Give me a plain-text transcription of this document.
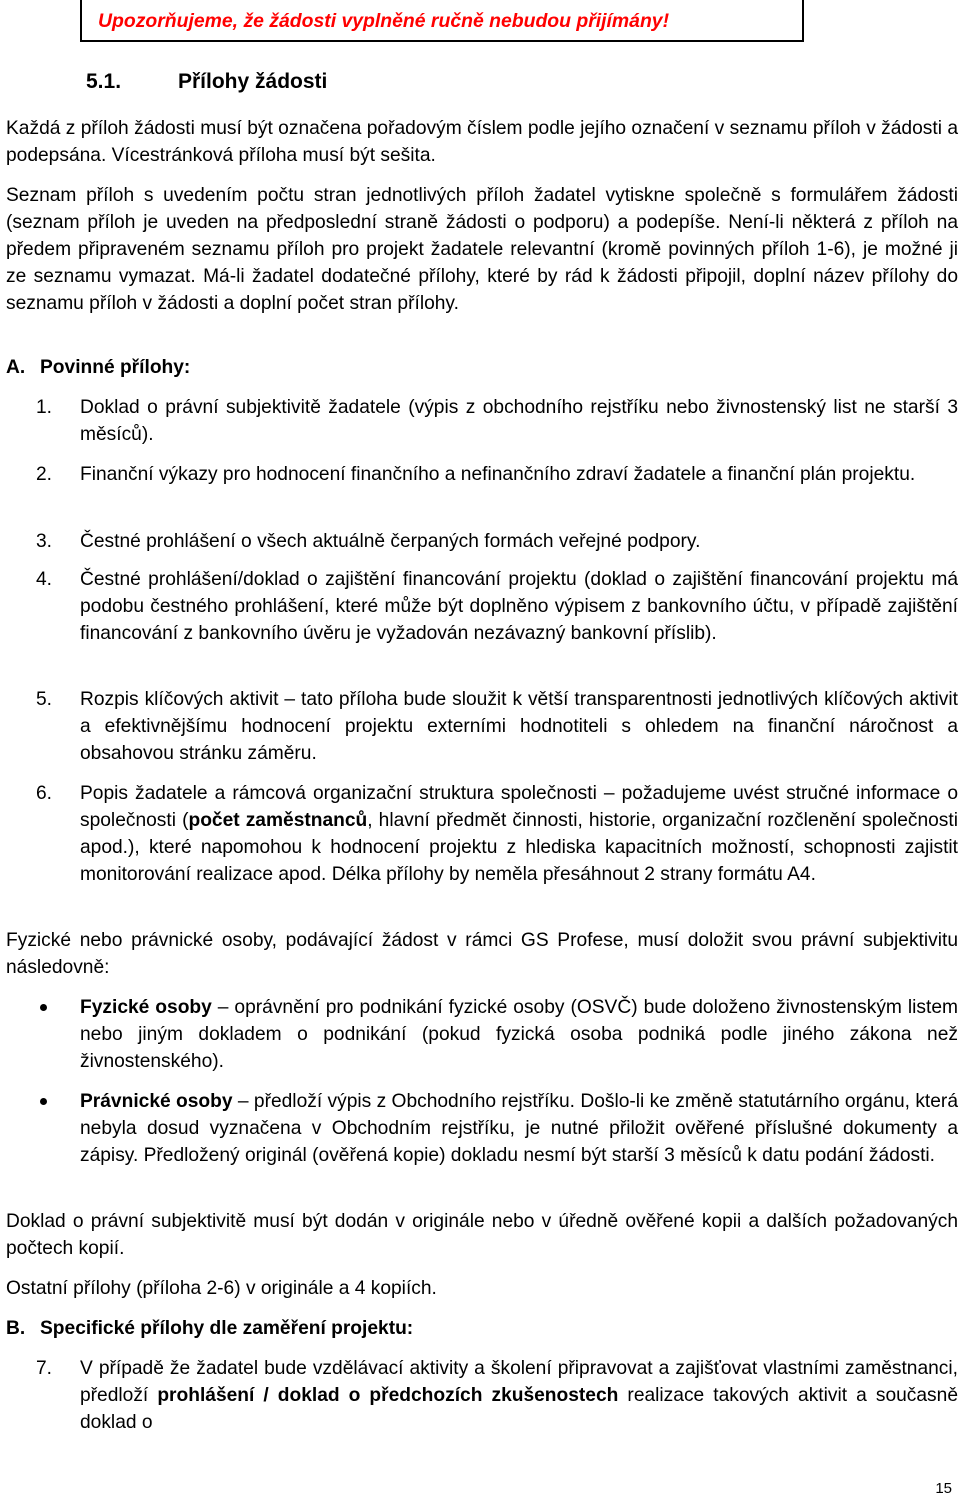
Upozorňujeme, že žádosti vyplněné ručně nebudou přijímány!

5.1.	Přílohy žádosti

Každá z příloh žádosti musí být označena pořadovým číslem podle jejího označení v seznamu příloh v žádosti a podepsána. Vícestránková příloha musí být sešita.

Seznam příloh s uvedením počtu stran jednotlivých příloh žadatel vytiskne společně s formulářem žádosti (seznam příloh je uveden na předposlední straně žádosti o podporu) a podepíše. Není-li některá z příloh na předem připraveném seznamu příloh pro projekt žadatele relevantní (kromě povinných příloh 1-6), je možné ji ze seznamu vymazat. Má-li žadatel dodatečné přílohy, které by rád k žádosti připojil, doplní název přílohy do seznamu příloh v žádosti a doplní počet stran přílohy.

A. Povinné přílohy:

1. Doklad o právní subjektivitě žadatele (výpis z obchodního rejstříku nebo živnostenský list ne starší 3 měsíců).
2. Finanční výkazy pro hodnocení finančního a nefinančního zdraví žadatele a finanční plán projektu.
3. Čestné prohlášení o všech aktuálně čerpaných formách veřejné podpory.
4. Čestné prohlášení/doklad o zajištění financování projektu (doklad o zajištění financování projektu má podobu čestného prohlášení, které může být doplněno výpisem z bankovního účtu, v případě zajištění financování z bankovního úvěru je vyžadován nezávazný bankovní příslib).
5. Rozpis klíčových aktivit – tato příloha bude sloužit k větší transparentnosti jednotlivých klíčových aktivit a efektivnějšímu hodnocení projektu externími hodnotiteli s ohledem na finanční náročnost a obsahovou stránku záměru.
6. Popis žadatele a rámcová organizační struktura společnosti – požadujeme uvést stručné informace o společnosti (počet zaměstnanců, hlavní předmět činnosti, historie, organizační rozčlenění společnosti apod.), které napomohou k hodnocení projektu z hlediska kapacitních možností, schopnosti zajistit monitorování realizace apod. Délka přílohy by neměla přesáhnout 2 strany formátu A4.

Fyzické nebo právnické osoby, podávající žádost v rámci GS Profese, musí doložit svou právní subjektivitu následovně:

Fyzické osoby – oprávnění pro podnikání fyzické osoby (OSVČ) bude doloženo živnostenským listem nebo jiným dokladem o podnikání (pokud fyzická osoba podniká podle jiného zákona než živnostenského).
Právnické osoby – předloží výpis z Obchodního rejstříku. Došlo-li ke změně statutárního orgánu, která nebyla dosud vyznačena v Obchodním rejstříku, je nutné přiložit ověřené příslušné dokumenty a zápisy. Předložený originál (ověřená kopie) dokladu nesmí být starší 3 měsíců k datu podání žádosti.

Doklad o právní subjektivitě musí být dodán v originále nebo v úředně ověřené kopii a dalších požadovaných počtech kopií.

Ostatní přílohy (příloha 2-6) v originále a 4 kopiích.

B. Specifické přílohy dle zaměření projektu:

7. V případě že žadatel bude vzdělávací aktivity a školení připravovat a zajišťovat vlastními zaměstnanci, předloží prohlášení / doklad o předchozích zkušenostech realizace takových aktivit a současně doklad o

15
